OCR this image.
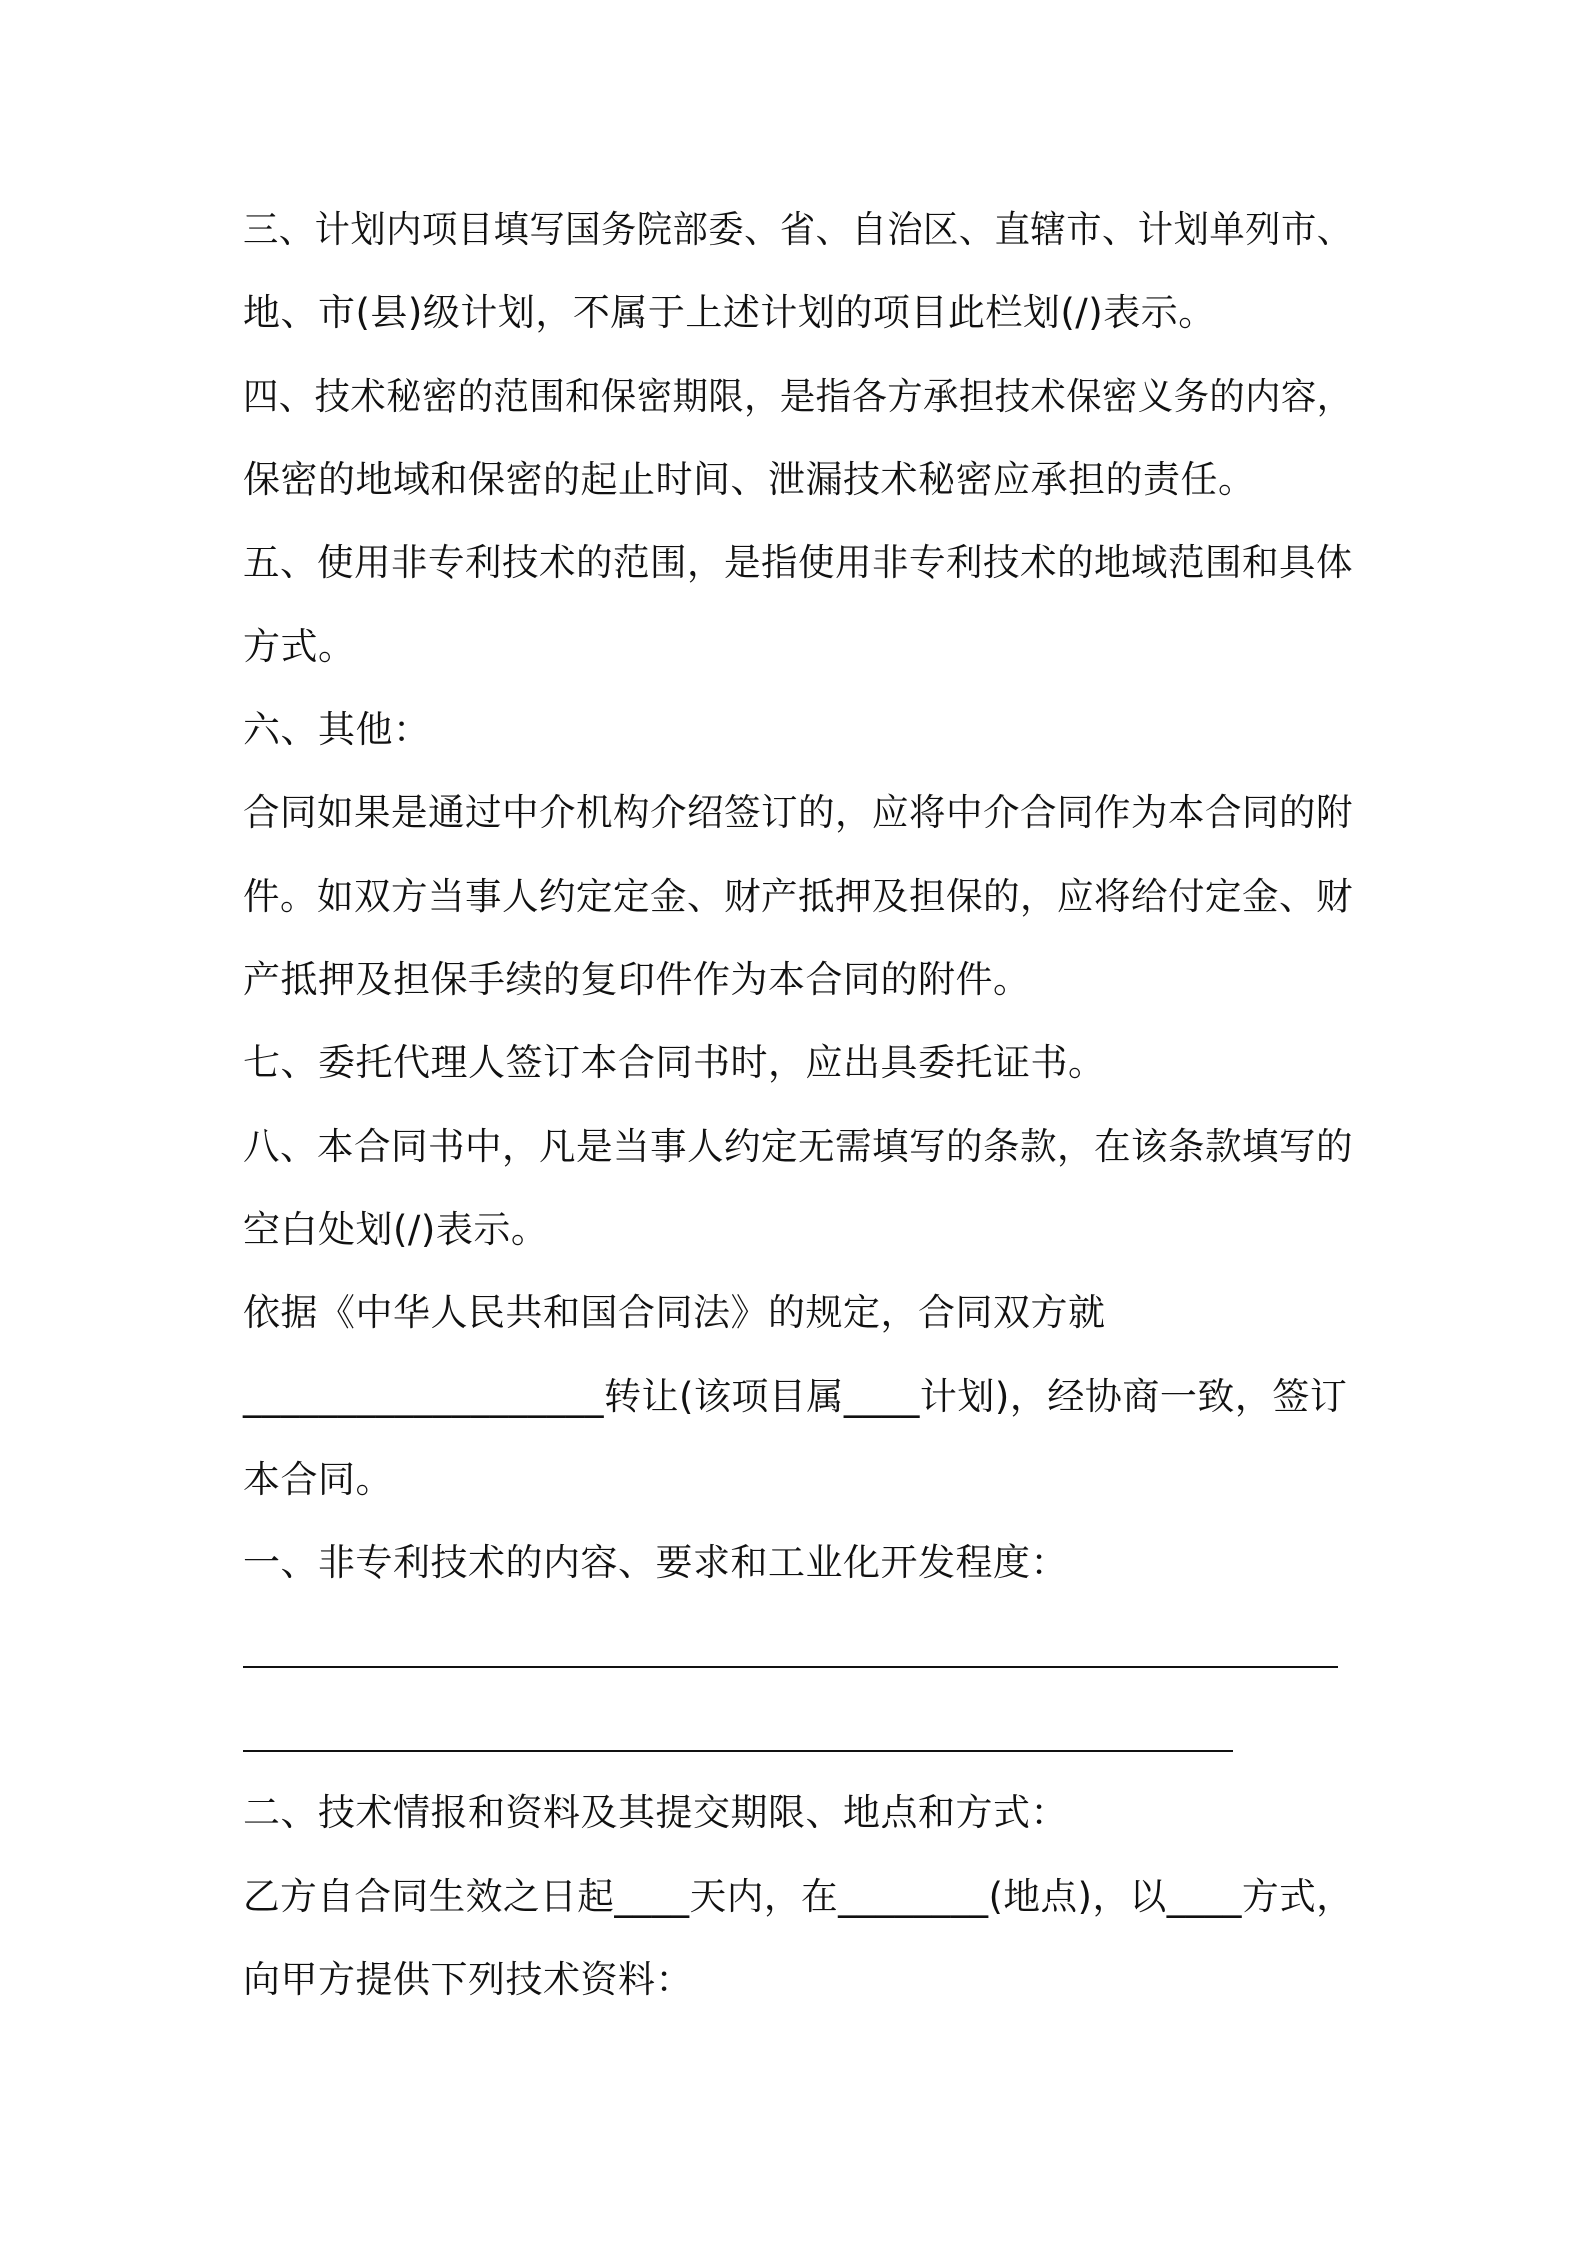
三、计划内项目填写国务院部委、省、自治区、直辖市、计划单列市、
地、市(县)级计划，不属于上述计划的项目此栏划(/)表示。
四、技术秘密的范围和保密期限，是指各方承担技术保密义务的内容，
保密的地域和保密的起止时间、泄漏技术秘密应承担的责任。
五、使用非专利技术的范围，是指使用非专利技术的地域范围和具体
方式。
六、其他：
合同如果是通过中介机构介绍签订的，应将中介合同作为本合同的附
件。如双方当事人约定定金、财产抵押及担保的，应将给付定金、财
产抵押及担保手续的复印件作为本合同的附件。
七、委托代理人签订本合同书时，应出具委托证书。
八、本合同书中，凡是当事人约定无需填写的条款，在该条款填写的
空白处划(/)表示。
依据《中华人民共和国合同法》的规定，合同双方就
___________________转让(该项目属____计划)，经协商一致，签订
本合同。
一、非专利技术的内容、要求和工业化开发程度：
二、技术情报和资料及其提交期限、地点和方式：
乙方自合同生效之日起____天内，在________(地点)，以____方式，
向甲方提供下列技术资料：
